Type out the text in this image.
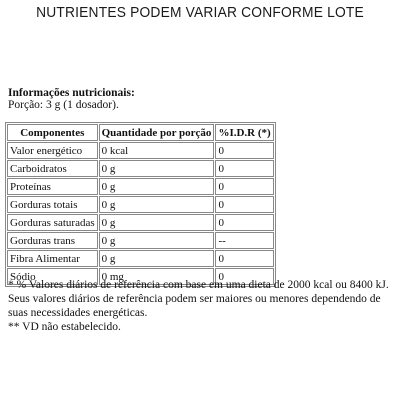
NUTRIENTES PODEM VARIAR CONFORME LOTE
Informações nutricionais:
Porção: 3 g (1 dosador).
Componentes	Quantidade por porção	%I.D.R (*)
Valor energético	0 kcal	0
Carboidratos	0 g	0
Proteínas	0 g	0
Gorduras totais	0 g	0
Gorduras saturadas	0 g	0
Gorduras trans	0 g	--
Fibra Alimentar	0 g	0
Sódio	0 mg	0

* % Valores diários de referência com base em uma dieta de 2000 kcal ou 8400 kJ. Seus valores diários de referência podem ser maiores ou menores dependendo de suas necessidades energéticas.

** VD não estabelecido.
